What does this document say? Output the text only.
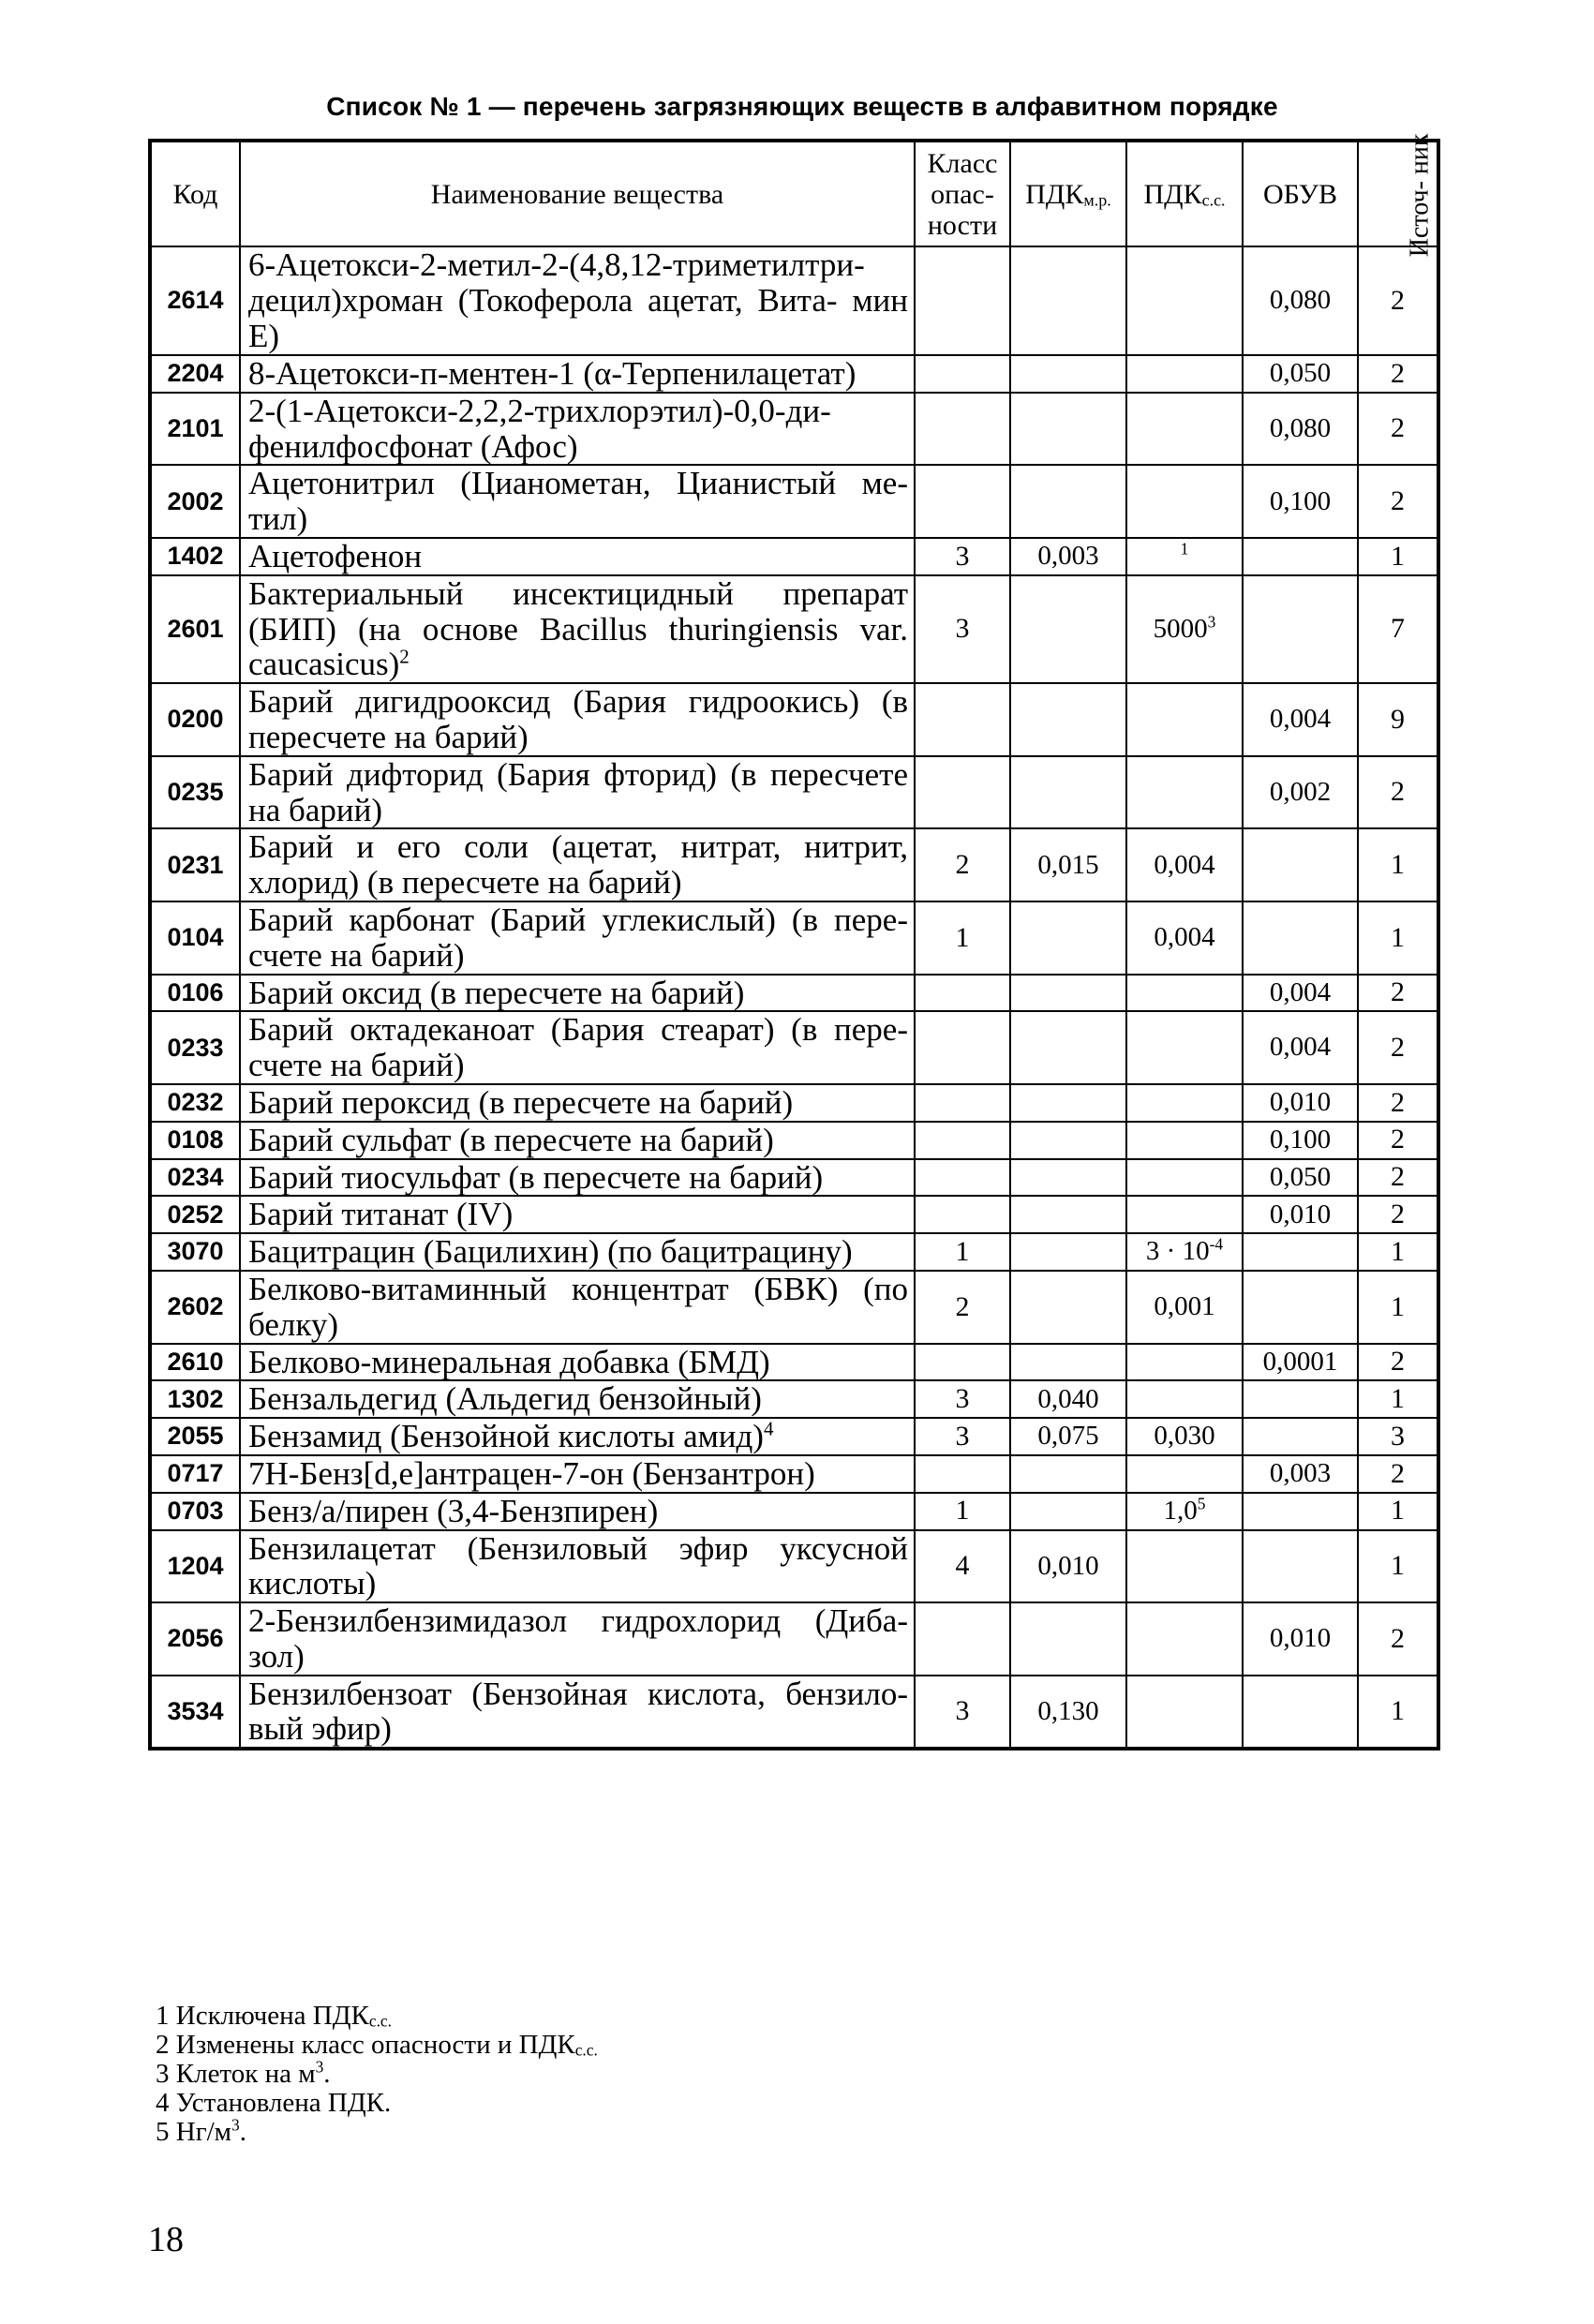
Список № 1 — перечень загрязняющих веществ в алфавитном порядке
Код	Наименование вещества	Класс опас- ности	$ПДК_{м.р.}$	$ПДК_{с.с.}$	ОБУВ	Источ- ник
2614	6-Ацетокси-2-метил-2-(4,8,12-триметилтри- децил)хроман (Токоферола ацетат, Вита- мин Е)				0,080	2
2204	8-Ацетокси-п-ментен-1 (α-Терпенилацетат)				0,050	2
2101	2-(1-Ацетокси-2,2,2-трихлорэтил)-0,0-ди- фенилфосфонат (Афос)				0,080	2
2002	Ацетонитрил (Цианометан, Цианистый ме- тил)				0,100	2
1402	Ацетофенон	3	0,003	$^1$		1
2601	Бактериальный инсектицидный препарат (БИП) (на основе Bacillus thuringiensis var. caucasicus)$^2$	3		5000$^3$		7
0200	Барий дигидрооксид (Бария гидроокись) (в пересчете на барий)				0,004	9
0235	Барий дифторид (Бария фторид) (в пересчете на барий)				0,002	2
0231	Барий и его соли (ацетат, нитрат, нитрит, хлорид) (в пересчете на барий)	2	0,015	0,004		1
0104	Барий карбонат (Барий углекислый) (в пере- счете на барий)	1		0,004		1
0106	Барий оксид (в пересчете на барий)				0,004	2
0233	Барий октадеканоат (Бария стеарат) (в пере- счете на барий)				0,004	2
0232	Барий пероксид (в пересчете на барий)				0,010	2
0108	Барий сульфат (в пересчете на барий)				0,100	2
0234	Барий тиосульфат (в пересчете на барий)				0,050	2
0252	Барий титанат (IV)				0,010	2
3070	Бацитрацин (Бацилихин) (по бацитрацину)	1		$3 \cdot 10^{-4}$		1
2602	Белково-витаминный концентрат (БВК) (по белку)	2		0,001		1
2610	Белково-минеральная добавка (БМД)				0,0001	2
1302	Бензальдегид (Альдегид бензойный)	3	0,040			1
2055	Бензамид (Бензойной кислоты амид)$^4$	3	0,075	0,030		3
0717	7Н-Бенз[d,e]антрацен-7-он (Бензантрон)				0,003	2
0703	Бенз/а/пирен (3,4-Бензпирен)	1		$1,0^5$		1
1204	Бензилацетат (Бензиловый эфир уксусной кислоты)	4	0,010			1
2056	2-Бензилбензимидазол гидрохлорид (Диба- зол)				0,010	2
3534	Бензилбензоат (Бензойная кислота, бензило- вый эфир)	3	0,130			1
1 Исключена $ПДК_{с.с.}$
2 Изменены класс опасности и $ПДК_{с.с.}$
3 Клеток на $м^3$.
4 Установлена ПДК.
5 $Нг/м^3$.
18
